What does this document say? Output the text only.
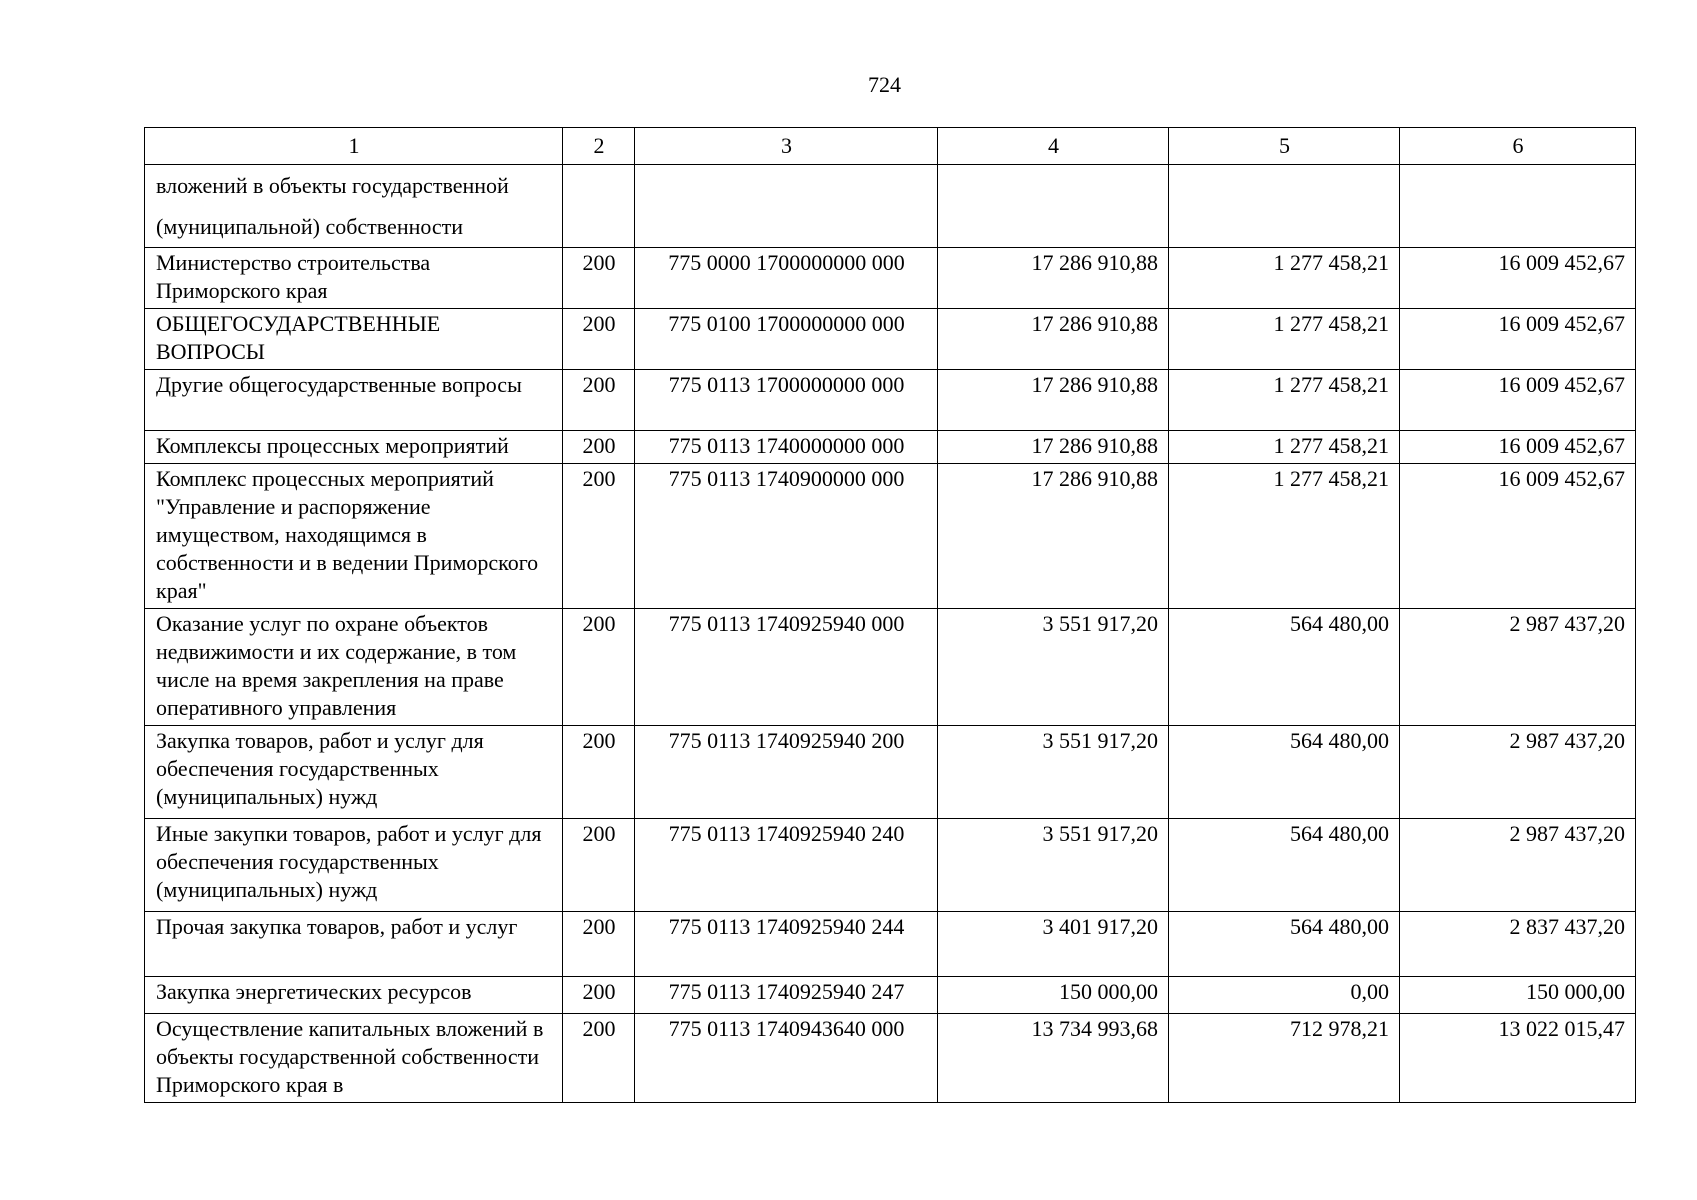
724
1	2	3	4	5	6
вложений в объекты государственной (муниципальной) собственности					
Министерство строительства Приморского края	200	775 0000 1700000000 000	17 286 910,88	1 277 458,21	16 009 452,67
ОБЩЕГОСУДАРСТВЕННЫЕ ВОПРОСЫ	200	775 0100 1700000000 000	17 286 910,88	1 277 458,21	16 009 452,67
Другие общегосударственные вопросы	200	775 0113 1700000000 000	17 286 910,88	1 277 458,21	16 009 452,67
Комплексы процессных мероприятий	200	775 0113 1740000000 000	17 286 910,88	1 277 458,21	16 009 452,67
Комплекс процессных мероприятий "Управление и распоряжение имуществом, находящимся в собственности и в ведении Приморского края"	200	775 0113 1740900000 000	17 286 910,88	1 277 458,21	16 009 452,67
Оказание услуг по охране объектов недвижимости и их содержание, в том числе на время закрепления на праве оперативного управления	200	775 0113 1740925940 000	3 551 917,20	564 480,00	2 987 437,20
Закупка товаров, работ и услуг для обеспечения государственных (муниципальных) нужд	200	775 0113 1740925940 200	3 551 917,20	564 480,00	2 987 437,20
Иные закупки товаров, работ и услуг для обеспечения государственных (муниципальных) нужд	200	775 0113 1740925940 240	3 551 917,20	564 480,00	2 987 437,20
Прочая закупка товаров, работ и услуг	200	775 0113 1740925940 244	3 401 917,20	564 480,00	2 837 437,20
Закупка энергетических ресурсов	200	775 0113 1740925940 247	150 000,00	0,00	150 000,00
Осуществление капитальных вложений в объекты государственной собственности Приморского края в	200	775 0113 1740943640 000	13 734 993,68	712 978,21	13 022 015,47
